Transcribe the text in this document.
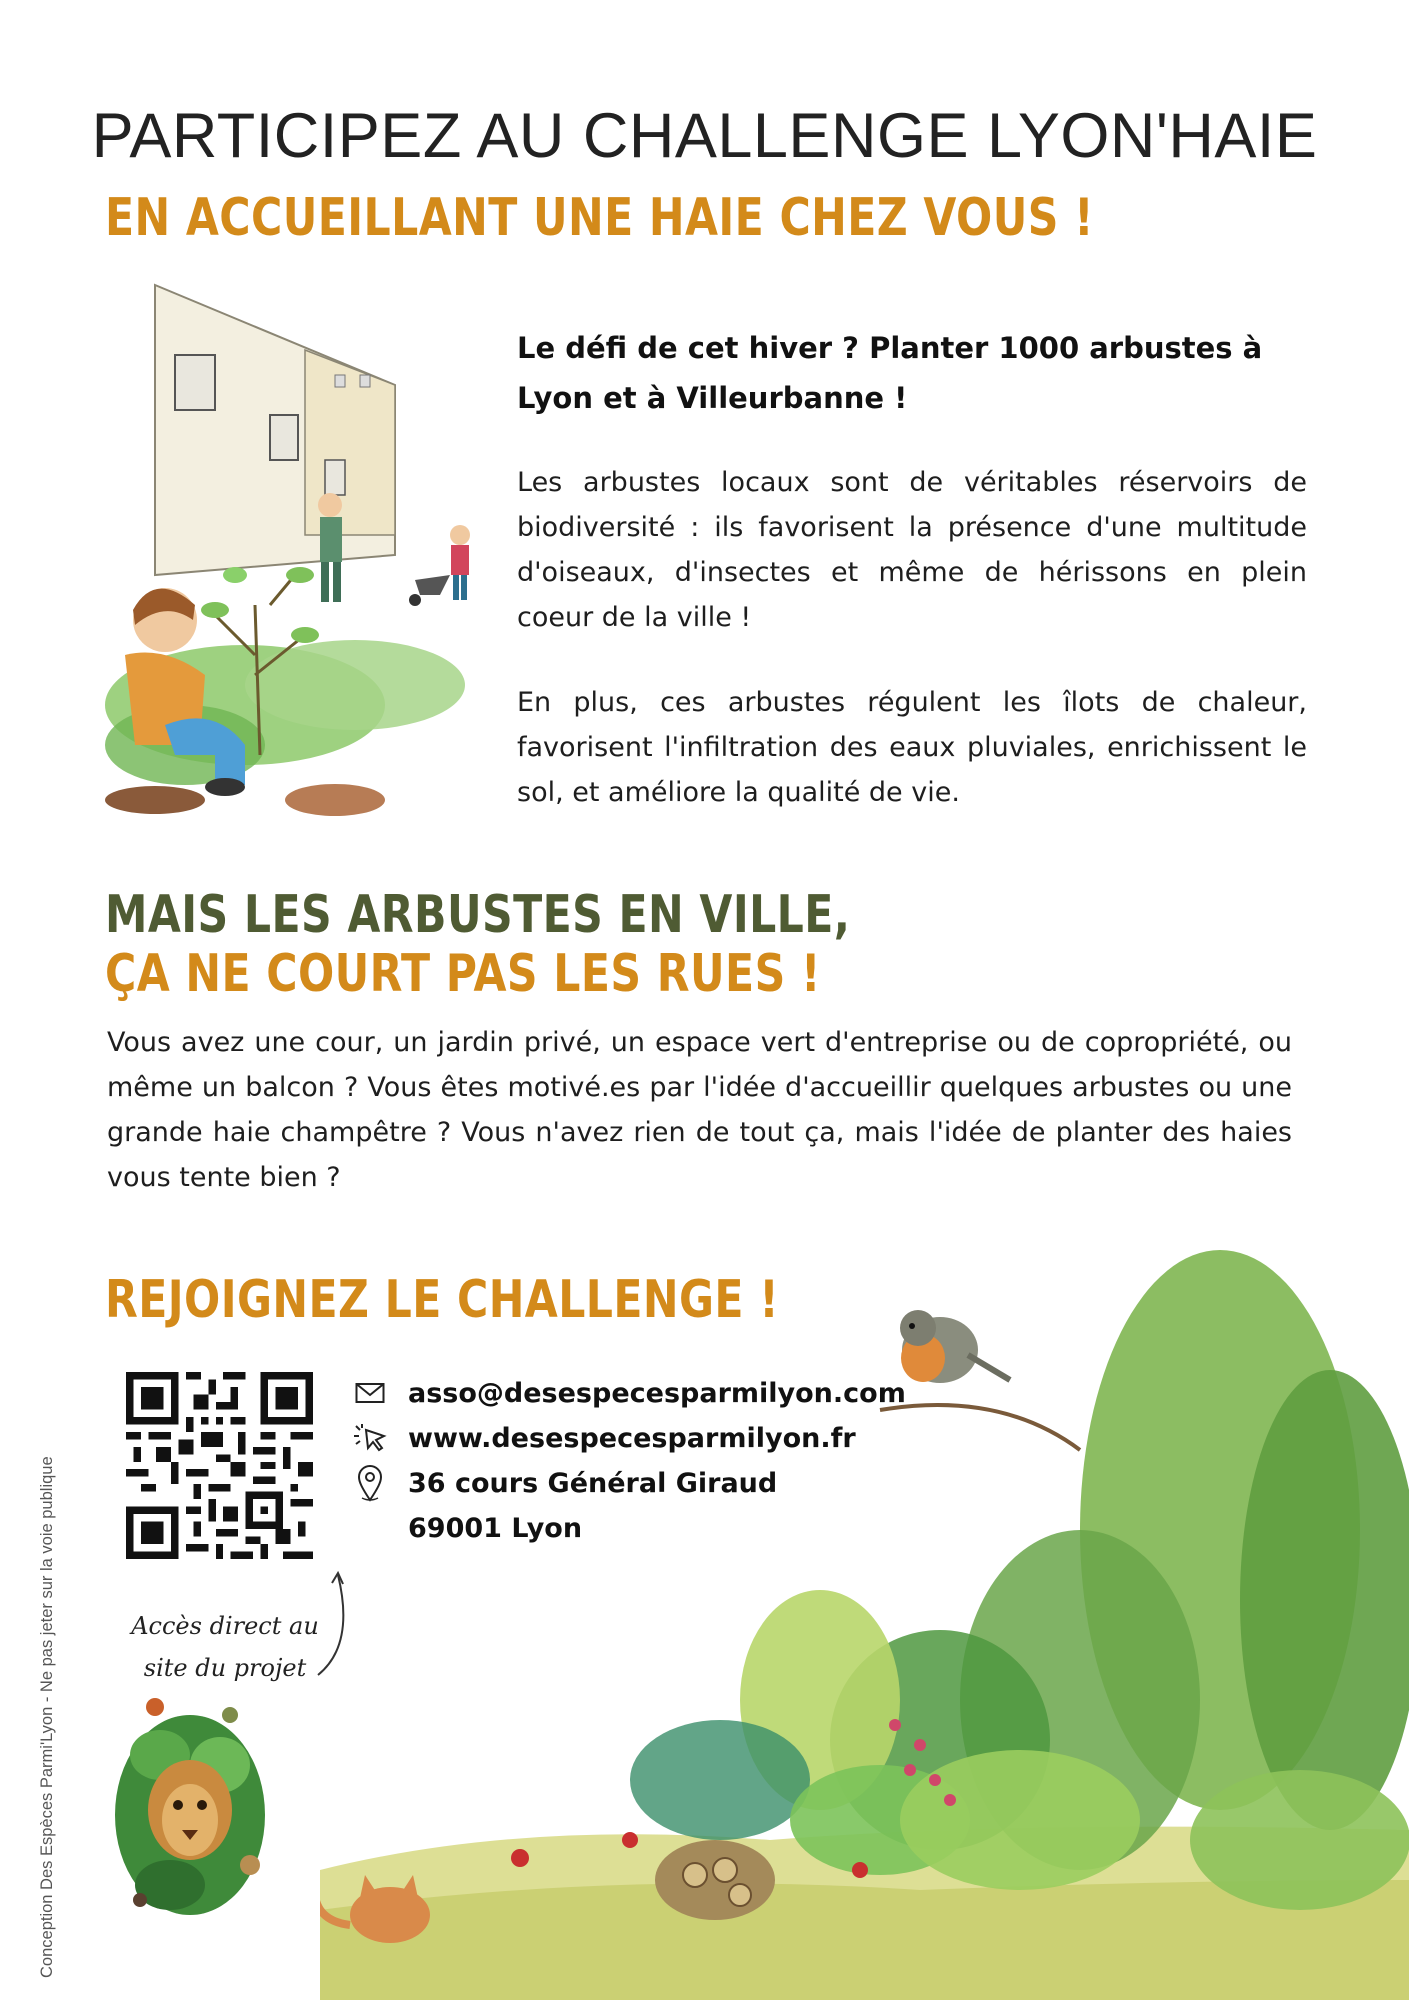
PARTICIPEZ AU CHALLENGE LYON'HAIE
EN ACCUEILLANT UNE HAIE CHEZ VOUS !
Le défi de cet hiver ? Planter 1000 arbustes à Lyon et à Villeurbanne !
Les arbustes locaux sont de véritables réservoirs de biodiversité : ils favorisent la présence d'une multitude d'oiseaux, d'insectes et même de hérissons en plein coeur de la ville !
En plus, ces arbustes régulent les îlots de chaleur, favorisent l'infiltration des eaux pluviales, enrichissent le sol, et améliore la qualité de vie.
MAIS LES ARBUSTES EN VILLE,
ÇA NE COURT PAS LES RUES !
Vous avez une cour, un jardin privé, un espace vert d'entreprise ou de copropriété, ou même un balcon ? Vous êtes motivé.es par l'idée d'accueillir quelques arbustes ou une grande haie champêtre ? Vous n'avez rien de tout ça, mais l'idée de planter des haies vous tente bien ?
REJOIGNEZ LE CHALLENGE !
asso@desespecesparmilyon.com
www.desespecesparmilyon.fr
36 cours Général Giraud
69001 Lyon
Accès direct au site du projet
Conception Des Espèces Parmi'Lyon - Ne pas jeter sur la voie publique
